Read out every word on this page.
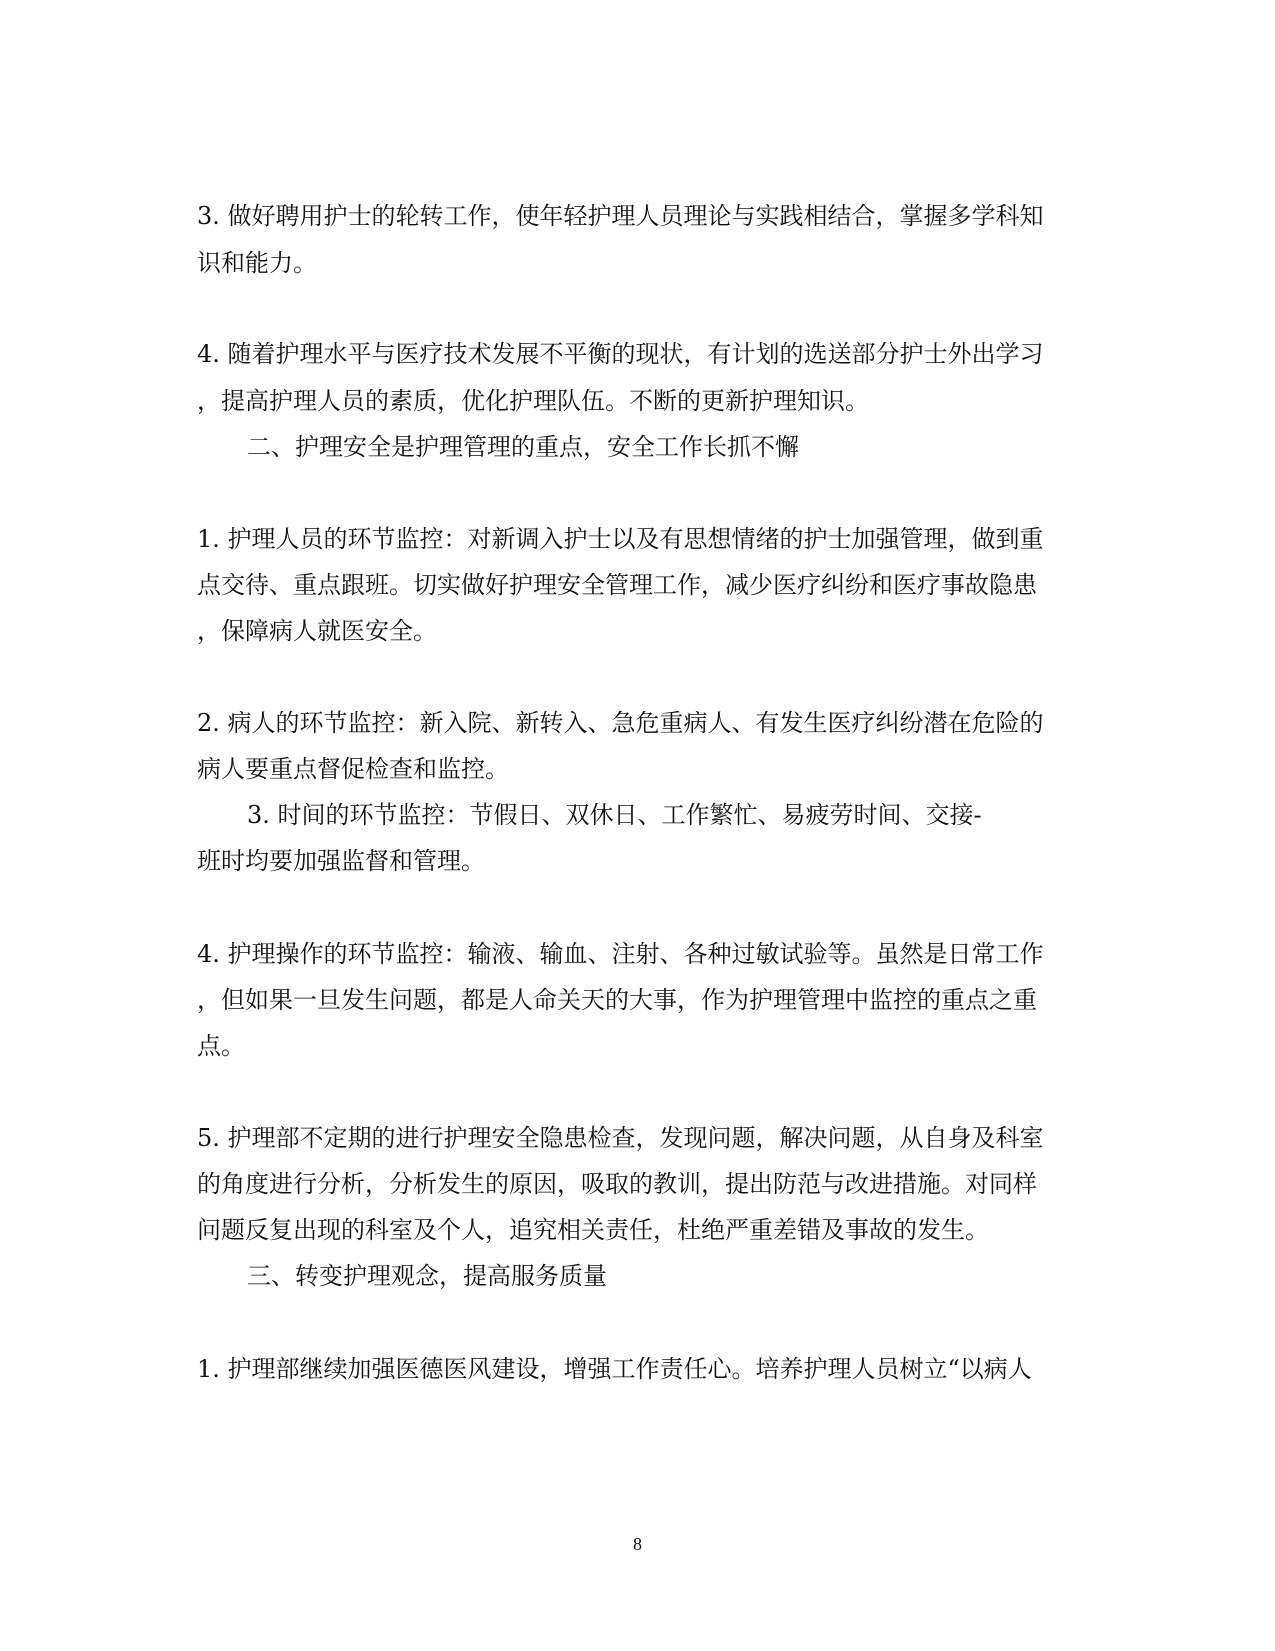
3. 做好聘用护士的轮转工作，使年轻护理人员理论与实践相结合，掌握多学科知
识和能力。
4. 随着护理水平与医疗技术发展不平衡的现状，有计划的选送部分护士外出学习
，提高护理人员的素质，优化护理队伍。不断的更新护理知识。
二、护理安全是护理管理的重点，安全工作长抓不懈
1. 护理人员的环节监控：对新调入护士以及有思想情绪的护士加强管理，做到重
点交待、重点跟班。切实做好护理安全管理工作，减少医疗纠纷和医疗事故隐患
，保障病人就医安全。
2. 病人的环节监控：新入院、新转入、急危重病人、有发生医疗纠纷潜在危险的
病人要重点督促检查和监控。
3. 时间的环节监控：节假日、双休日、工作繁忙、易疲劳时间、交接-
班时均要加强监督和管理。
4. 护理操作的环节监控：输液、输血、注射、各种过敏试验等。虽然是日常工作
，但如果一旦发生问题，都是人命关天的大事，作为护理管理中监控的重点之重
点。
5. 护理部不定期的进行护理安全隐患检查，发现问题，解决问题，从自身及科室
的角度进行分析，分析发生的原因，吸取的教训，提出防范与改进措施。对同样
问题反复出现的科室及个人，追究相关责任，杜绝严重差错及事故的发生。
三、转变护理观念，提高服务质量
1. 护理部继续加强医德医风建设，增强工作责任心。培养护理人员树立“以病人
8
